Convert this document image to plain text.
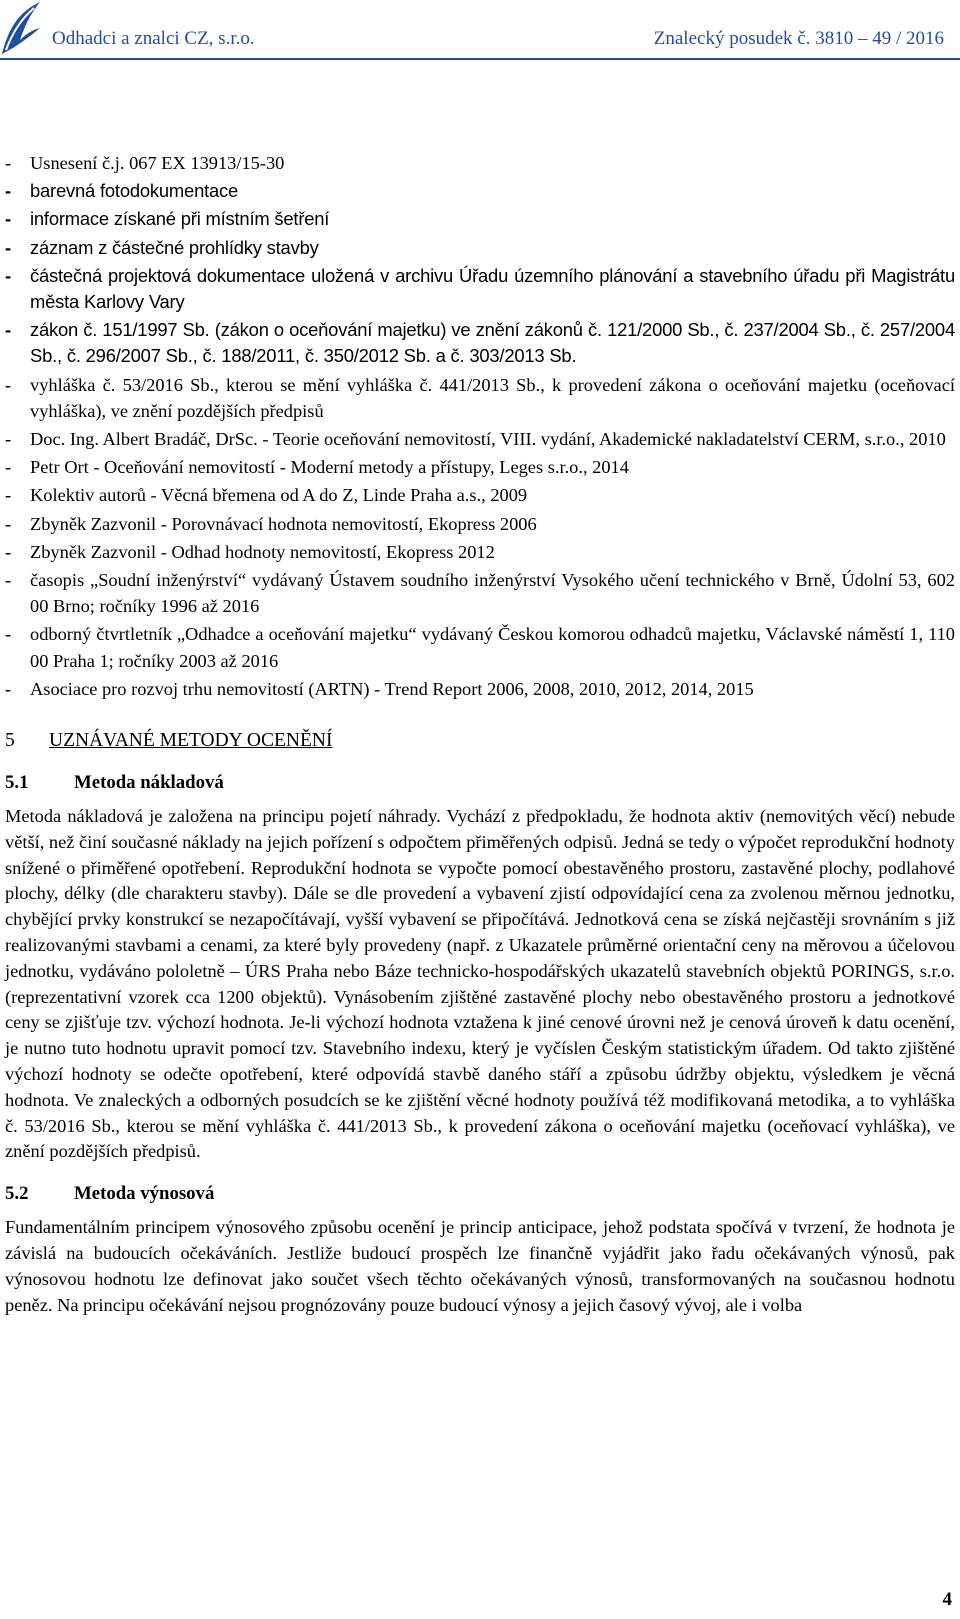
Odhadci a znalci CZ, s.r.o.	Znalecký posudek č. 3810 – 49 / 2016
- Usnesení č.j. 067 EX 13913/15-30
- barevná fotodokumentace
- informace získané při místním šetření
- záznam z částečné prohlídky stavby
- částečná projektová dokumentace uložená v archivu Úřadu územního plánování a stavebního úřadu při Magistrátu města Karlovy Vary
- zákon č. 151/1997 Sb. (zákon o oceňování majetku) ve znění zákonů č. 121/2000 Sb., č. 237/2004 Sb., č. 257/2004 Sb., č. 296/2007 Sb., č. 188/2011, č. 350/2012 Sb. a č. 303/2013 Sb.
- vyhláška č. 53/2016 Sb., kterou se mění vyhláška č. 441/2013 Sb., k provedení zákona o oceňování majetku (oceňovací vyhláška), ve znění pozdějších předpisů
- Doc. Ing. Albert Bradáč, DrSc. - Teorie oceňování nemovitostí, VIII. vydání, Akademické nakladatelství CERM, s.r.o., 2010
- Petr Ort - Oceňování nemovitostí - Moderní metody a přístupy, Leges s.r.o., 2014
- Kolektiv autorů - Věcná břemena od A do Z, Linde Praha a.s., 2009
- Zbyněk Zazvonil - Porovnávací hodnota nemovitostí, Ekopress 2006
- Zbyněk Zazvonil - Odhad hodnoty nemovitostí, Ekopress 2012
- časopis „Soudní inženýrství“ vydávaný Ústavem soudního inženýrství Vysokého učení technického v Brně, Údolní 53, 602 00 Brno; ročníky 1996 až 2016
- odborný čtvrtletník „Odhadce a oceňování majetku“ vydávaný Českou komorou odhadců majetku, Václavské náměstí 1, 110 00 Praha 1; ročníky 2003 až 2016
- Asociace pro rozvoj trhu nemovitostí (ARTN) - Trend Report 2006, 2008, 2010, 2012, 2014, 2015
5	UZNÁVANÉ METODY OCENĚNÍ
5.1	Metoda nákladová

Metoda nákladová je založena na principu pojetí náhrady. Vychází z předpokladu, že hodnota aktiv (nemovitých věcí) nebude větší, než činí současné náklady na jejich pořízení s odpočtem přiměřených odpisů. Jedná se tedy o výpočet reprodukční hodnoty snížené o přiměřené opotřebení. Reprodukční hodnota se vypočte pomocí obestavěného prostoru, zastavěné plochy, podlahové plochy, délky (dle charakteru stavby). Dále se dle provedení a vybavení zjistí odpovídající cena za zvolenou měrnou jednotku, chybějící prvky konstrukcí se nezapočítávají, vyšší vybavení se připočítává. Jednotková cena se získá nejčastěji srovnáním s již realizovanými stavbami a cenami, za které byly provedeny (např. z Ukazatele průměrné orientační ceny na měrovou a účelovou jednotku, vydáváno pololetně – ÚRS Praha nebo Báze technicko-hospodářských ukazatelů stavebních objektů PORINGS, s.r.o. (reprezentativní vzorek cca 1200 objektů). Vynásobením zjištěné zastavěné plochy nebo obestavěného prostoru a jednotkové ceny se zjišťuje tzv. výchozí hodnota. Je-li výchozí hodnota vztažena k jiné cenové úrovni než je cenová úroveň k datu ocenění, je nutno tuto hodnotu upravit pomocí tzv. Stavebního indexu, který je vyčíslen Českým statistickým úřadem. Od takto zjištěné výchozí hodnoty se odečte opotřebení, které odpovídá stavbě daného stáří a způsobu údržby objektu, výsledkem je věcná hodnota. Ve znaleckých a odborných posudcích se ke zjištění věcné hodnoty používá též modifikovaná metodika, a to vyhláška č. 53/2016 Sb., kterou se mění vyhláška č. 441/2013 Sb., k provedení zákona o oceňování majetku (oceňovací vyhláška), ve znění pozdějších předpisů.

5.2	Metoda výnosová

Fundamentálním principem výnosového způsobu ocenění je princip anticipace, jehož podstata spočívá v tvrzení, že hodnota je závislá na budoucích očekáváních. Jestliže budoucí prospěch lze finančně vyjádřit jako řadu očekávaných výnosů, pak výnosovou hodnotu lze definovat jako součet všech těchto očekávaných výnosů, transformovaných na současnou hodnotu peněz. Na principu očekávání nejsou prognózovány pouze budoucí výnosy a jejich časový vývoj, ale i volba

4
